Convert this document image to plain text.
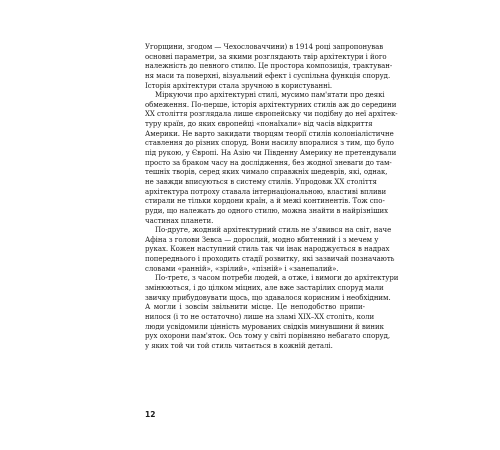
Угорщини, згодом — Чехословаччини) в 1914 році запропонував
основні параметри, за якими розглядають твір архітектури і його
належність до певного стилю. Це простора композиція, трактуван-
ня маси та поверхні, візуальний ефект і суспільна функція споруд.
Історія архітектури стала зручною в користуванні.
Міркуючи про архітектурні стилі, мусимо пам'ятати про деякі
обмеження. По-перше, історія архітектурних стилів аж до середини
XX століття розглядала лише європейську чи подібну до неї архітек-
туру країн, до яких європейці «понаїхали» від часів відкриття
Америки. Не варто закидати творцям теорії стилів колоніалістичне
ставлення до різних споруд. Вони насилу впоралися з тим, що було
під рукою, у Європі. На Азію чи Південну Америку не претендували
просто за браком часу на дослідження, без жодної зневаги до там-
тешніх творів, серед яких чимало справжніх шедеврів, які, однак,
не завжди вписуються в систему стилів. Упродовж XX століття
архітектура потроху ставала інтернаціональною, властиві впливи
стирали не тільки кордони країн, а й межі континентів. Тож спо-
руди, що належать до одного стилю, можна знайти в найрізніших
частинах планети.
По-друге, жодний архітектурний стиль не з'явився на світ, наче
Афіна з голови Зевса — дорослий, модно вбитенний і з мечем у
руках. Кожен наступний стиль так чи інак народжується в надрах
попереднього і проходить стадії розвитку, які зазвичай позначають
словами «ранній», «зрілий», «пізній» і «занепалий».
По-третє, з часом потреби людей, а отже, і вимоги до архітектури
змінюються, і до цілком міцних, але вже застарілих споруд мали
звичку прибудовувати щось, що здавалося корисним і необхідним.
А могли і зовсім звільнити місце. Це неподобство припи-
нилося (і то не остаточно) лише на зламі XIX–XX століть, коли
люди усвідомили цінність мурованих свідків минувшини й виник
рух охорони пам'яток. Ось тому у світі порівняно небагато споруд,
у яких той чи той стиль читається в кожній деталі.
12
